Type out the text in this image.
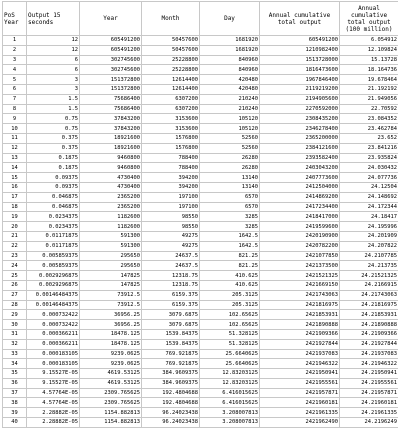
PoS Year	Output 15 seconds	Year	Month	Day	Annual cumulative total output	Annual cumulative total output (100 million)
1	12	605491200	50457600	1681920	605491200	6.054912
2	12	605491200	50457600	1681920	1210982400	12.109824
3	6	302745600	25228800	840960	1513728000	15.13728
4	6	302745600	25228800	840960	1816473600	18.164736
5	3	151372800	12614400	420480	1967846400	19.678464
6	3	151372800	12614400	420480	2119219200	21.192192
7	1.5	75686400	6307200	210240	2194905600	21.949056
8	1.5	75686400	6307200	210240	2270592000	22.70592
9	0.75	37843200	3153600	105120	2308435200	23.084352
10	0.75	37843200	3153600	105120	2346278400	23.462784
11	0.375	18921600	1576800	52560	2365200000	23.652
12	0.375	18921600	1576800	52560	2384121600	23.841216
13	0.1875	9460800	788400	26280	2393582400	23.935824
14	0.1875	9460800	788400	26280	2403043200	24.030432
15	0.09375	4730400	394200	13140	2407773600	24.077736
16	0.09375	4730400	394200	13140	2412504000	24.12504
17	0.046875	2365200	197100	6570	2414869200	24.148692
18	0.046875	2365200	197100	6570	2417234400	24.172344
19	0.0234375	1182600	98550	3285	2418417000	24.18417
20	0.0234375	1182600	98550	3285	2419599600	24.195996
21	0.01171875	591300	49275	1642.5	2420190900	24.201909
22	0.01171875	591300	49275	1642.5	2420782200	24.207822
23	0.005859375	295650	24637.5	821.25	2421077850	24.2107785
24	0.005859375	295650	24637.5	821.25	2421373500	24.213735
25	0.0029296875	147825	12318.75	410.625	2421521325	24.21521325
26	0.0029296875	147825	12318.75	410.625	2421669150	24.2166915
27	0.00146484375	73912.5	6159.375	205.3125	2421743063	24.21743063
28	0.00146484375	73912.5	6159.375	205.3125	2421816975	24.21816975
29	0.000732422	36956.25	3079.6875	102.65625	2421853931	24.21853931
30	0.000732422	36956.25	3079.6875	102.65625	2421890888	24.21890888
31	0.000366211	18478.125	1539.84375	51.328125	2421909366	24.21909366
32	0.000366211	18478.125	1539.84375	51.328125	2421927844	24.21927844
33	0.000183105	9239.0625	769.921875	25.6640625	2421937083	24.21937083
34	0.000183105	9239.0625	769.921875	25.6640625	2421946322	24.21946322
35	9.15527E-05	4619.53125	384.9609375	12.83203125	2421950941	24.21950941
36	9.15527E-05	4619.53125	384.9609375	12.83203125	2421955561	24.21955561
37	4.57764E-05	2309.765625	192.4804688	6.416015625	2421957871	24.21957871
38	4.57764E-05	2309.765625	192.4804688	6.416015625	2421960181	24.21960181
39	2.28882E-05	1154.882813	96.24023438	3.208007813	2421961335	24.21961335
40	2.28882E-05	1154.882813	96.24023438	3.208007813	2421962490	24.2196249
